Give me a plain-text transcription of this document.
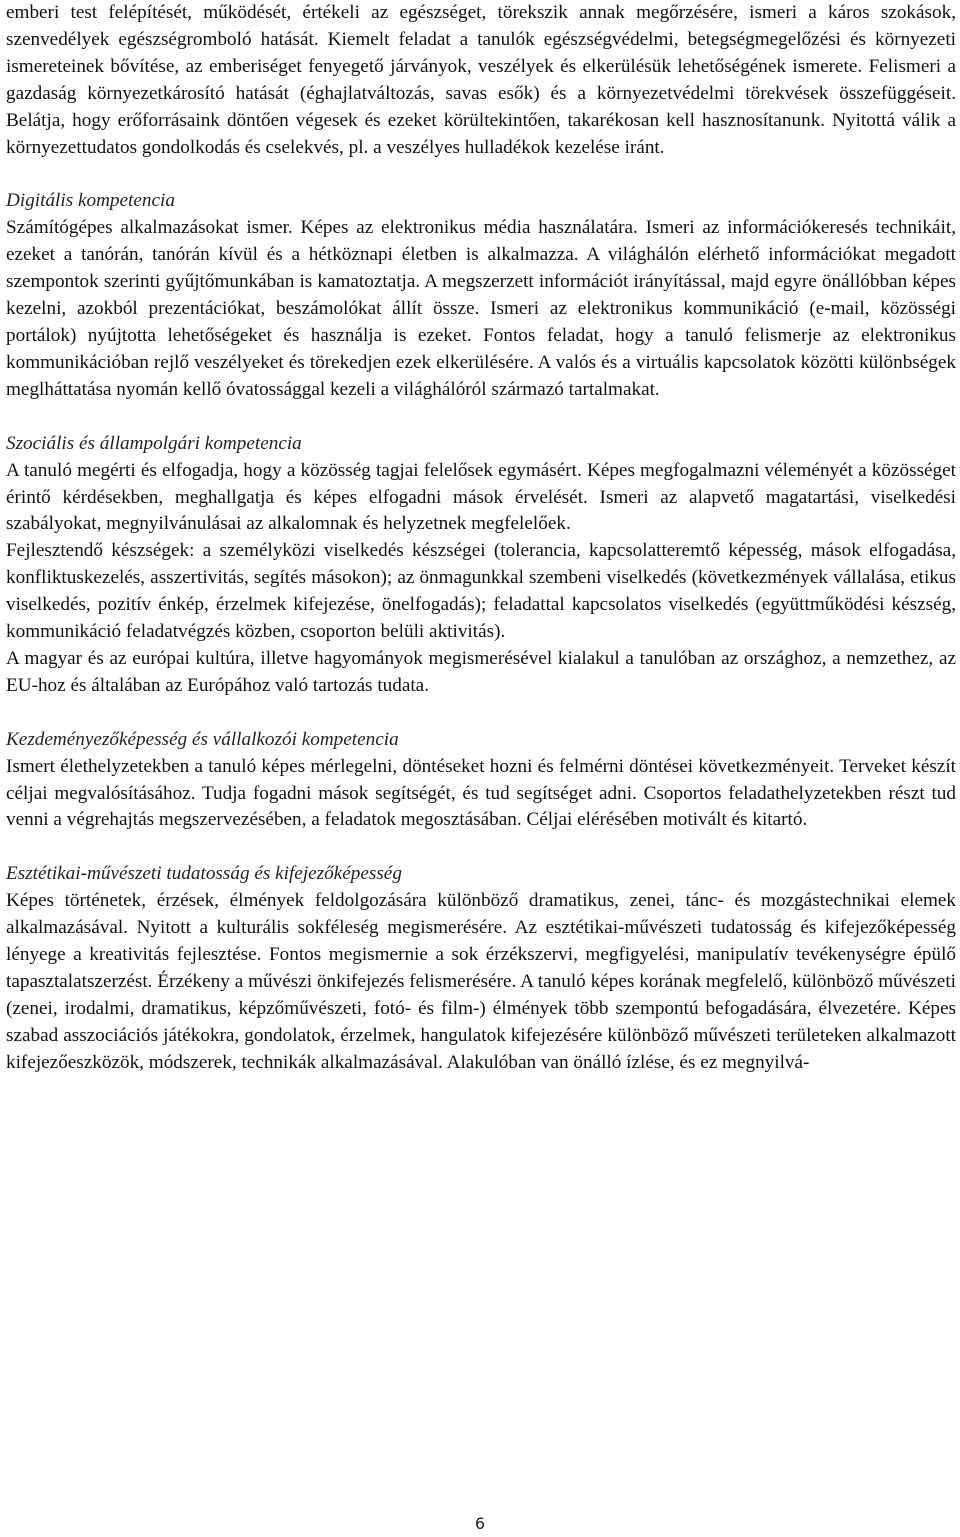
emberi test felépítését, működését, értékeli az egészséget, törekszik annak megőrzésére, ismeri a káros szokások, szenvedélyek egészségromboló hatását. Kiemelt feladat a tanulók egészségvédelmi, betegségmegelőzési és környezeti ismereteinek bővítése, az emberiséget fenyegető járványok, veszélyek és elkerülésük lehetőségének ismerete. Felismeri a gazdaság környezetkárosító hatását (éghajlatváltozás, savas esők) és a környezetvédelmi törekvések összefüggéseit. Belátja, hogy erőforrásaink döntően végesek és ezeket körültekintően, takarékosan kell hasznosítanunk. Nyitottá válik a környezettudatos gondolkodás és cselekvés, pl. a veszélyes hulladékok kezelése iránt.

Digitális kompetencia

Számítógépes alkalmazásokat ismer. Képes az elektronikus média használatára. Ismeri az információkeresés technikáit, ezeket a tanórán, tanórán kívül és a hétköznapi életben is alkalmazza. A világhálón elérhető információkat megadott szempontok szerinti gyűjtőmunkában is kamatoztatja. A megszerzett információt irányítással, majd egyre önállóbban képes kezelni, azokból prezentációkat, beszámolókat állít össze. Ismeri az elektronikus kommunikáció (e-mail, közösségi portálok) nyújtotta lehetőségeket és használja is ezeket. Fontos feladat, hogy a tanuló felismerje az elektronikus kommunikációban rejlő veszélyeket és törekedjen ezek elkerülésére. A valós és a virtuális kapcsolatok közötti különbségek meglháttatása nyomán kellő óvatossággal kezeli a világhálóról származó tartalmakat.

Szociális és állampolgári kompetencia

A tanuló megérti és elfogadja, hogy a közösség tagjai felelősek egymásért. Képes megfogalmazni véleményét a közösséget érintő kérdésekben, meghallgatja és képes elfogadni mások érvelését. Ismeri az alapvető magatartási, viselkedési szabályokat, megnyilvánulásai az alkalomnak és helyzetnek megfelelőek.

Fejlesztendő készségek: a személyközi viselkedés készségei (tolerancia, kapcsolatteremtő képesség, mások elfogadása, konfliktuskezelés, asszertivitás, segítés másokon); az önmagunkkal szembeni viselkedés (következmények vállalása, etikus viselkedés, pozitív énkép, érzelmek kifejezése, önelfogadás); feladattal kapcsolatos viselkedés (együttműködési készség, kommunikáció feladatvégzés közben, csoporton belüli aktivitás).

A magyar és az európai kultúra, illetve hagyományok megismerésével kialakul a tanulóban az országhoz, a nemzethez, az EU-hoz és általában az Európához való tartozás tudata.

Kezdeményezőképesség és vállalkozói kompetencia

Ismert élethelyzetekben a tanuló képes mérlegelni, döntéseket hozni és felmérni döntései következményeit. Terveket készít céljai megvalósításához. Tudja fogadni mások segítségét, és tud segítséget adni. Csoportos feladathelyzetekben részt tud venni a végrehajtás megszervezésében, a feladatok megosztásában. Céljai elérésében motivált és kitartó.

Esztétikai-művészeti tudatosság és kifejezőképesség

Képes történetek, érzések, élmények feldolgozására különböző dramatikus, zenei, tánc- és mozgástechnikai elemek alkalmazásával. Nyitott a kulturális sokféleség megismerésére. Az esztétikai-művészeti tudatosság és kifejezőképesség lényege a kreativitás fejlesztése. Fontos megismernie a sok érzékszervi, megfigyelési, manipulatív tevékenységre épülő tapasztalatszerzést. Érzékeny a művészi önkifejezés felismerésére. A tanuló képes korának megfelelő, különböző művészeti (zenei, irodalmi, dramatikus, képzőművészeti, fotó- és film-) élmények több szempontú befogadására, élvezetére. Képes szabad asszociációs játékokra, gondolatok, érzelmek, hangulatok kifejezésére különböző művészeti területeken alkalmazott kifejezőeszközök, módszerek, technikák alkalmazásával. Alakulóban van önálló ízlése, és ez megnyilvá-

6
